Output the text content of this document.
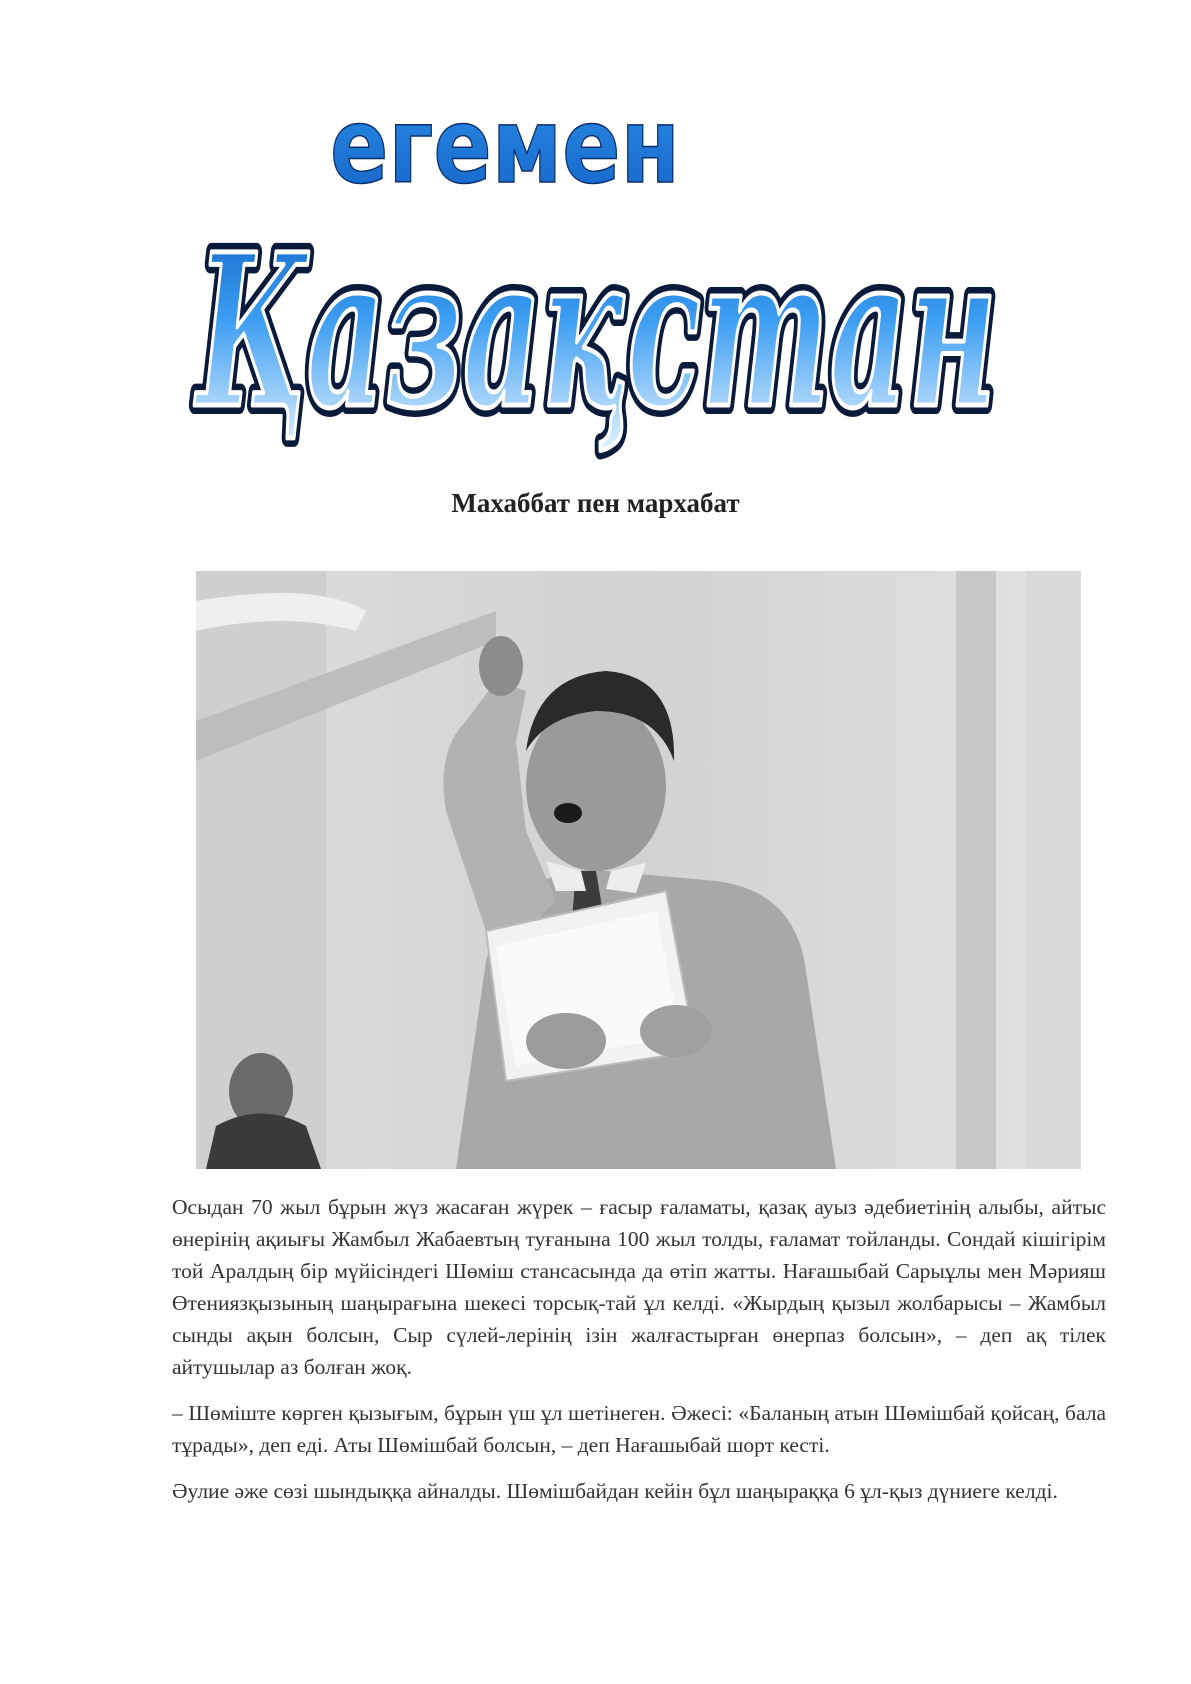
егемен
Қазақстан
Қазақстан
Махаббат пен мархабат

Осыдан 70 жыл бұрын жүз жасаған жүрек – ғасыр ғаламаты, қазақ ауыз әдебиетінің алыбы, айтыс өнерінің ақиығы Жамбыл Жабаевтың туғанына 100 жыл толды, ғаламат тойланды. Сондай кішігірім той Аралдың бір мүйісіндегі Шөміш стансасында да өтіп жатты. Нағашыбай Сарыұлы мен Мәрияш Өтениязқызының шаңырағына шекесі торсық-тай ұл келді. «Жырдың қызыл жолбарысы – Жамбыл сынды ақын болсын, Сыр сүлей-лерінің ізін жалғастырған өнерпаз болсын», – деп ақ тілек айтушылар аз болған жоқ.

– Шөміште көрген қызығым, бұрын үш ұл шетінеген. Әжесі: «Баланың атын Шөмішбай қойсаң, бала тұрады», деп еді. Аты Шөмішбай болсын, – деп Нағашыбай шорт кесті.

Әулие әже сөзі шындыққа айналды. Шөмішбайдан кейін бұл шаңыраққа 6 ұл-қыз дүниеге келді.
